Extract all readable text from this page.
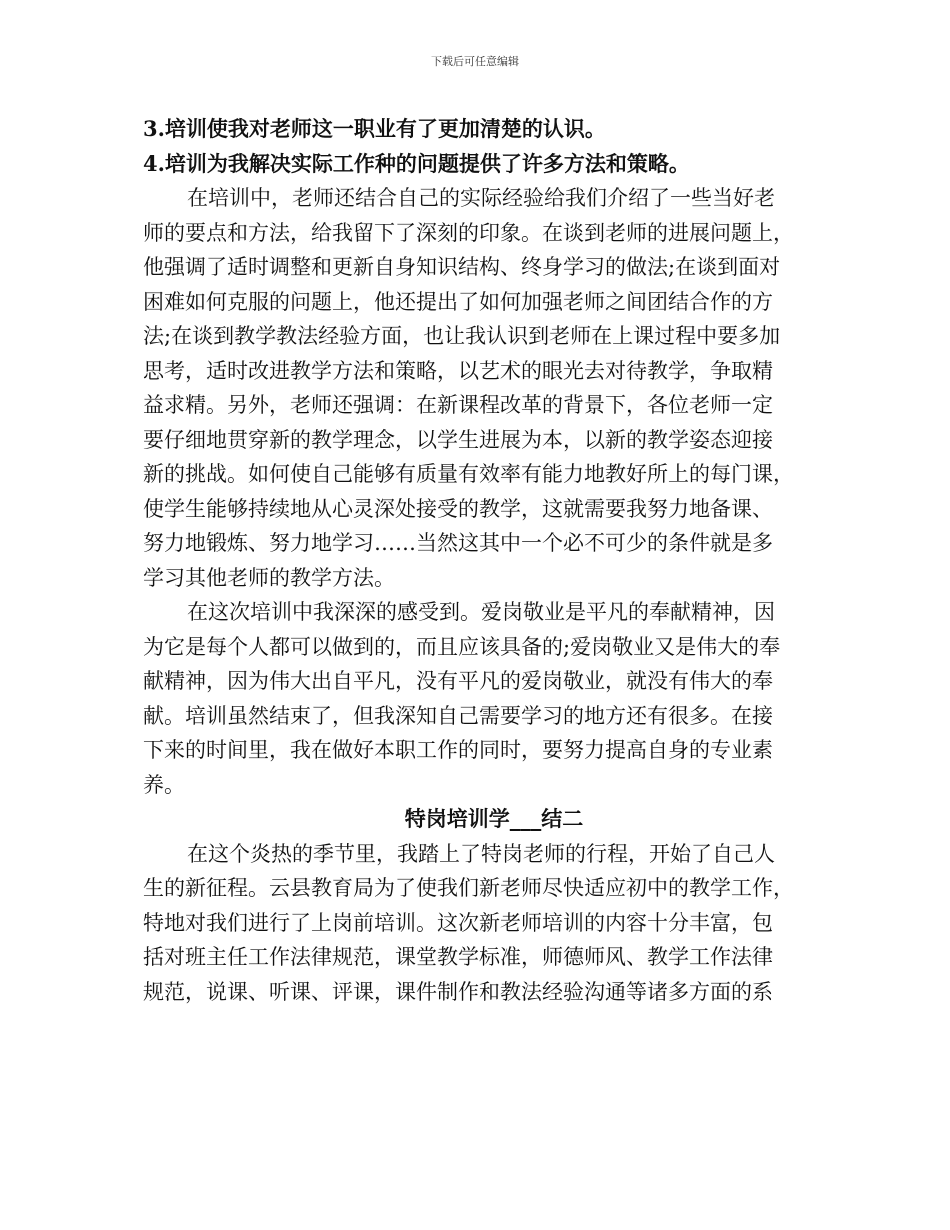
下载后可任意编辑
3.培训使我对老师这一职业有了更加清楚的认识。
4.培训为我解决实际工作种的问题提供了许多方法和策略。
在培训中，老师还结合自己的实际经验给我们介绍了一些当好老
师的要点和方法，给我留下了深刻的印象。在谈到老师的进展问题上，
他强调了适时调整和更新自身知识结构、终身学习的做法;在谈到面对
困难如何克服的问题上，他还提出了如何加强老师之间团结合作的方
法;在谈到教学教法经验方面，也让我认识到老师在上课过程中要多加
思考，适时改进教学方法和策略，以艺术的眼光去对待教学，争取精
益求精。另外，老师还强调：在新课程改革的背景下，各位老师一定
要仔细地贯穿新的教学理念，以学生进展为本，以新的教学姿态迎接
新的挑战。如何使自己能够有质量有效率有能力地教好所上的每门课，
使学生能够持续地从心灵深处接受的教学，这就需要我努力地备课、
努力地锻炼、努力地学习……当然这其中一个必不可少的条件就是多
学习其他老师的教学方法。
在这次培训中我深深的感受到。爱岗敬业是平凡的奉献精神，因
为它是每个人都可以做到的，而且应该具备的;爱岗敬业又是伟大的奉
献精神，因为伟大出自平凡，没有平凡的爱岗敬业，就没有伟大的奉
献。培训虽然结束了，但我深知自己需要学习的地方还有很多。在接
下来的时间里，我在做好本职工作的同时，要努力提高自身的专业素
养。
特岗培训学___结二
在这个炎热的季节里，我踏上了特岗老师的行程，开始了自己人
生的新征程。云县教育局为了使我们新老师尽快适应初中的教学工作，
特地对我们进行了上岗前培训。这次新老师培训的内容十分丰富，包
括对班主任工作法律规范，课堂教学标准，师德师风、教学工作法律
规范，说课、听课、评课，课件制作和教法经验沟通等诸多方面的系
